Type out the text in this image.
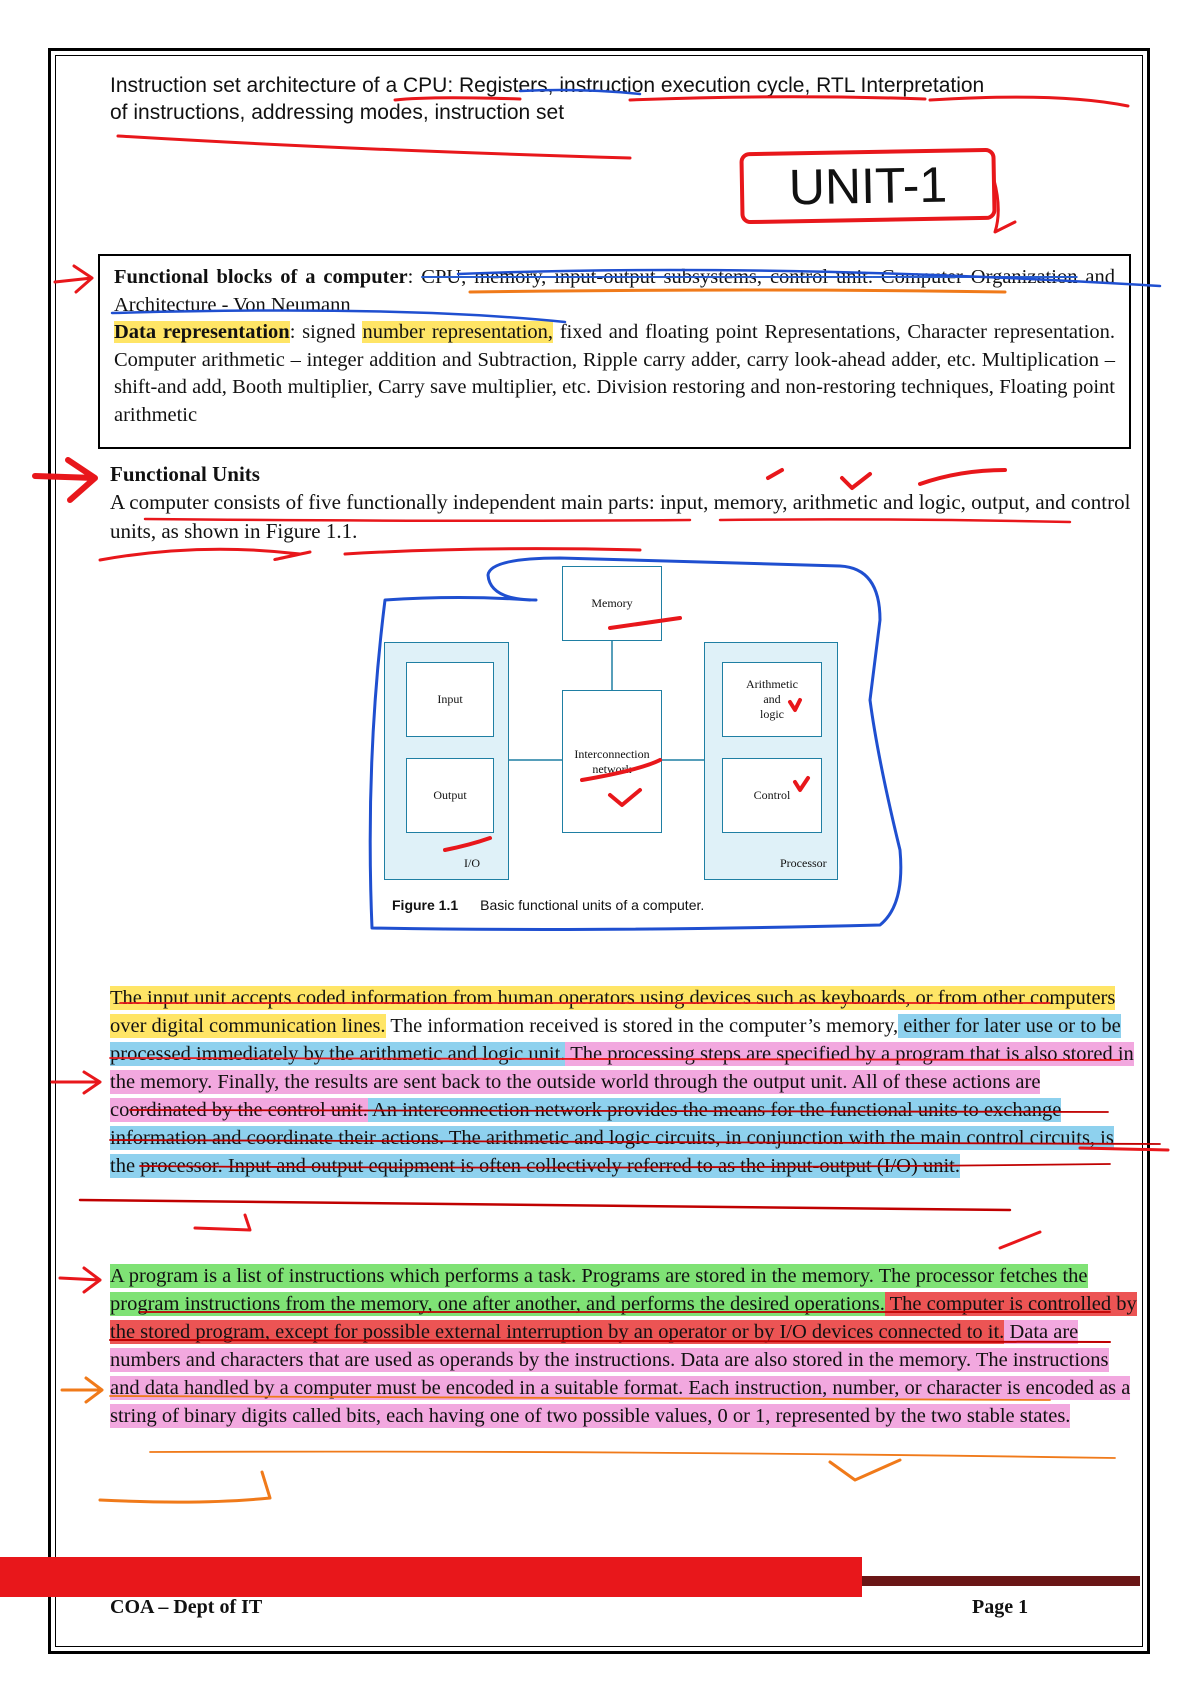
Instruction set architecture of a CPU: Registers, instruction execution cycle, RTL Interpretation
of instructions, addressing modes, instruction set
UNIT-1
Functional blocks of a computer: CPU, memory, input-output subsystems, control unit. Computer Organization and Architecture - Von Neumann
Data representation: signed number representation, fixed and floating point Representations, Character representation. Computer arithmetic – integer addition and Subtraction, Ripple carry adder, carry look-ahead adder, etc. Multiplication – shift-and add, Booth multiplier, Carry save multiplier, etc. Division restoring and non-restoring techniques, Floating point arithmetic
Functional Units
A computer consists of five functionally independent main parts: input, memory, arithmetic and logic, output, and control units, as shown in Figure 1.1.
Input
Output
I/O
Memory
Interconnection
network
Arithmetic
and
logic
Control
Processor
Figure 1.1 Basic functional units of a computer.
The input unit accepts coded information from human operators using devices such as keyboards, or from other computers over digital communication lines. The information received is stored in the computer’s memory, either for later use or to be processed immediately by the arithmetic and logic unit. The processing steps are specified by a program that is also stored in the memory. Finally, the results are sent back to the outside world through the output unit. All of these actions are coordinated by the control unit. An interconnection network provides the means for the functional units to exchange information and coordinate their actions. The arithmetic and logic circuits, in conjunction with the main control circuits, is the processor. Input and output equipment is often collectively referred to as the input-output (I/O) unit.
A program is a list of instructions which performs a task. Programs are stored in the memory. The processor fetches the program instructions from the memory, one after another, and performs the desired operations. The computer is controlled by the stored program, except for possible external interruption by an operator or by I/O devices connected to it. Data are numbers and characters that are used as operands by the instructions. Data are also stored in the memory. The instructions and data handled by a computer must be encoded in a suitable format. Each instruction, number, or character is encoded as a string of binary digits called bits, each having one of two possible values, 0 or 1, represented by the two stable states.
COA – Dept of IT	Page 1
